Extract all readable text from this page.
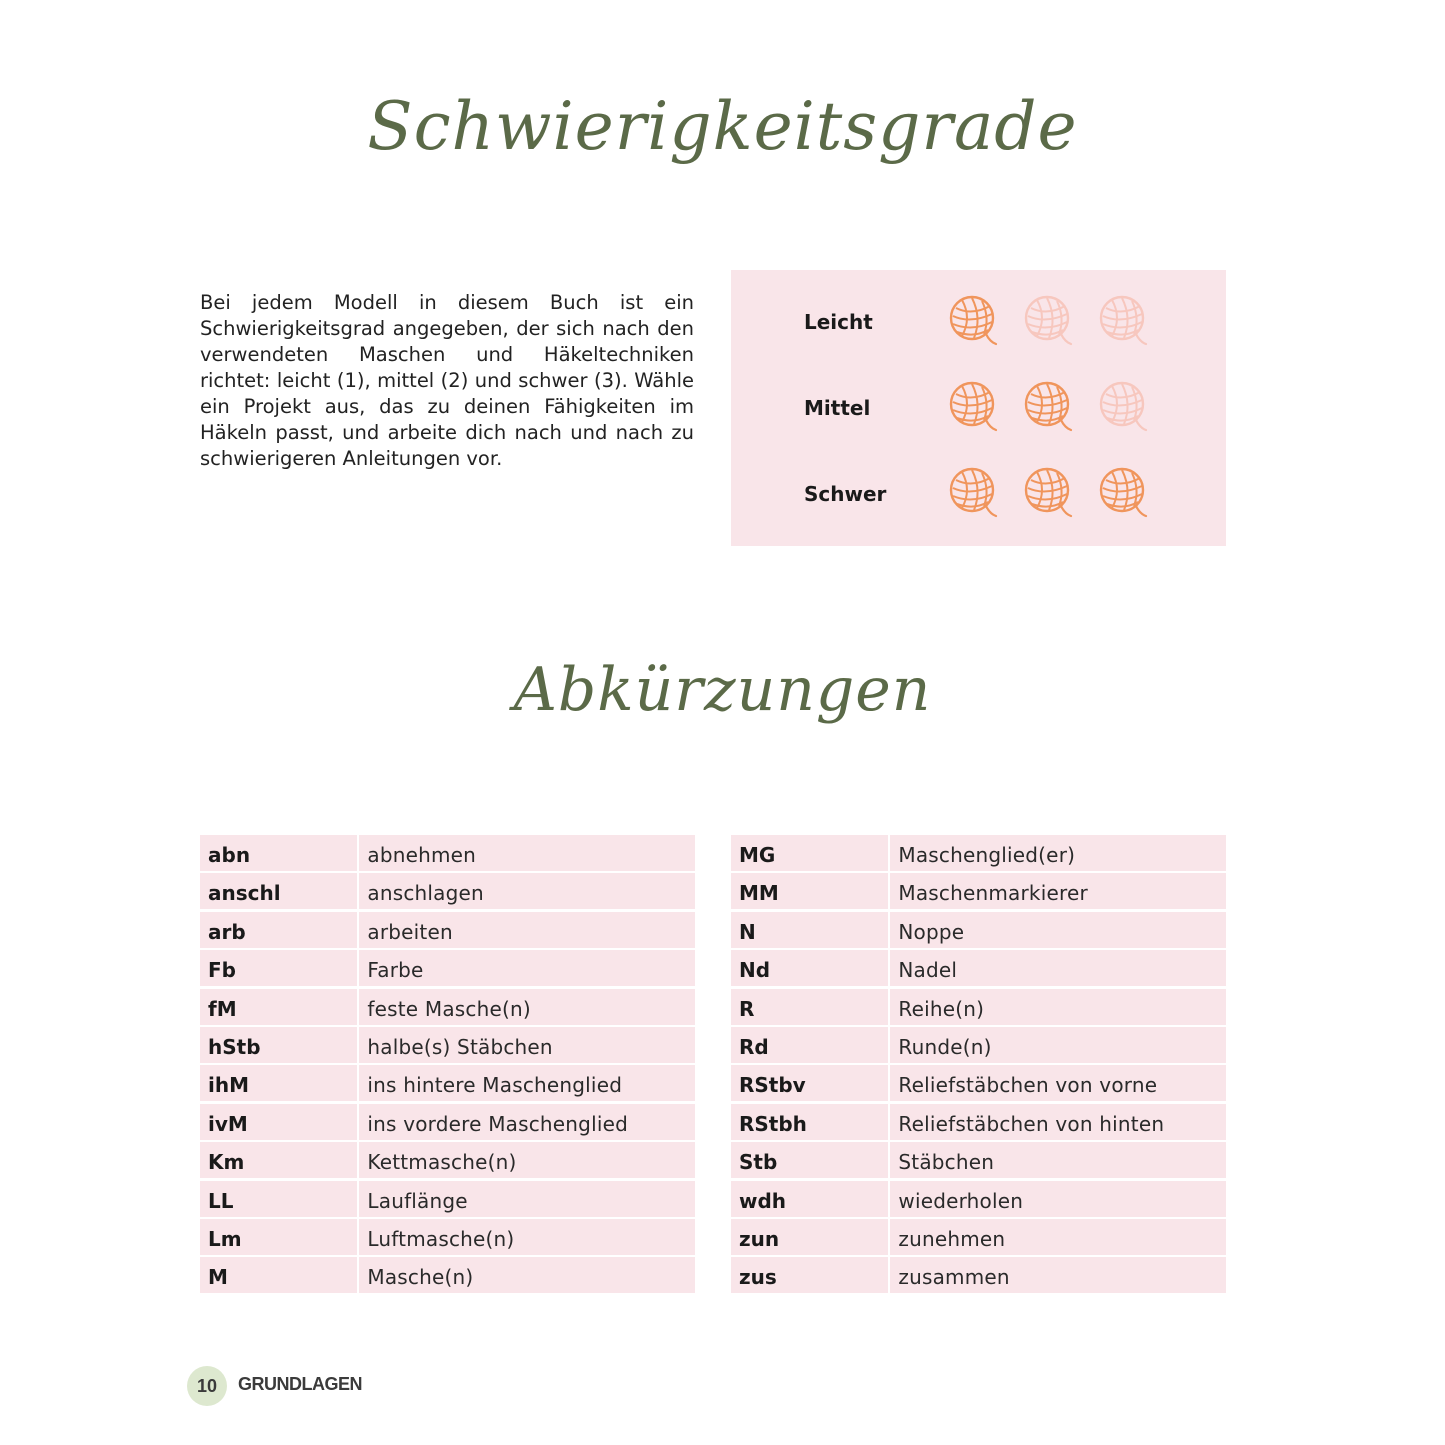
Schwierigkeitsgrade

Bei jedem Modell in diesem Buch ist ein Schwierigkeitsgrad angegeben, der sich nach den verwendeten Maschen und Häkeltechniken richtet: leicht (1), mittel (2) und schwer (3). Wähle ein Projekt aus, das zu deinen Fähigkeiten im Häkeln passt, und arbeite dich nach und nach zu schwierigeren Anleitungen vor.

Leicht
Mittel
Schwer
Abkürzungen
abn	abnehmen
anschl	anschlagen
arb	arbeiten
Fb	Farbe
fM	feste Masche(n)
hStb	halbe(s) Stäbchen
ihM	ins hintere Maschenglied
ivM	ins vordere Maschenglied
Km	Kettmasche(n)
LL	Lauflänge
Lm	Luftmasche(n)
M	Masche(n)
MG	Maschenglied(er)
MM	Maschenmarkierer
N	Noppe
Nd	Nadel
R	Reihe(n)
Rd	Runde(n)
RStbv	Reliefstäbchen von vorne
RStbh	Reliefstäbchen von hinten
Stb	Stäbchen
wdh	wiederholen
zun	zunehmen
zus	zusammen
10	GRUNDLAGEN
